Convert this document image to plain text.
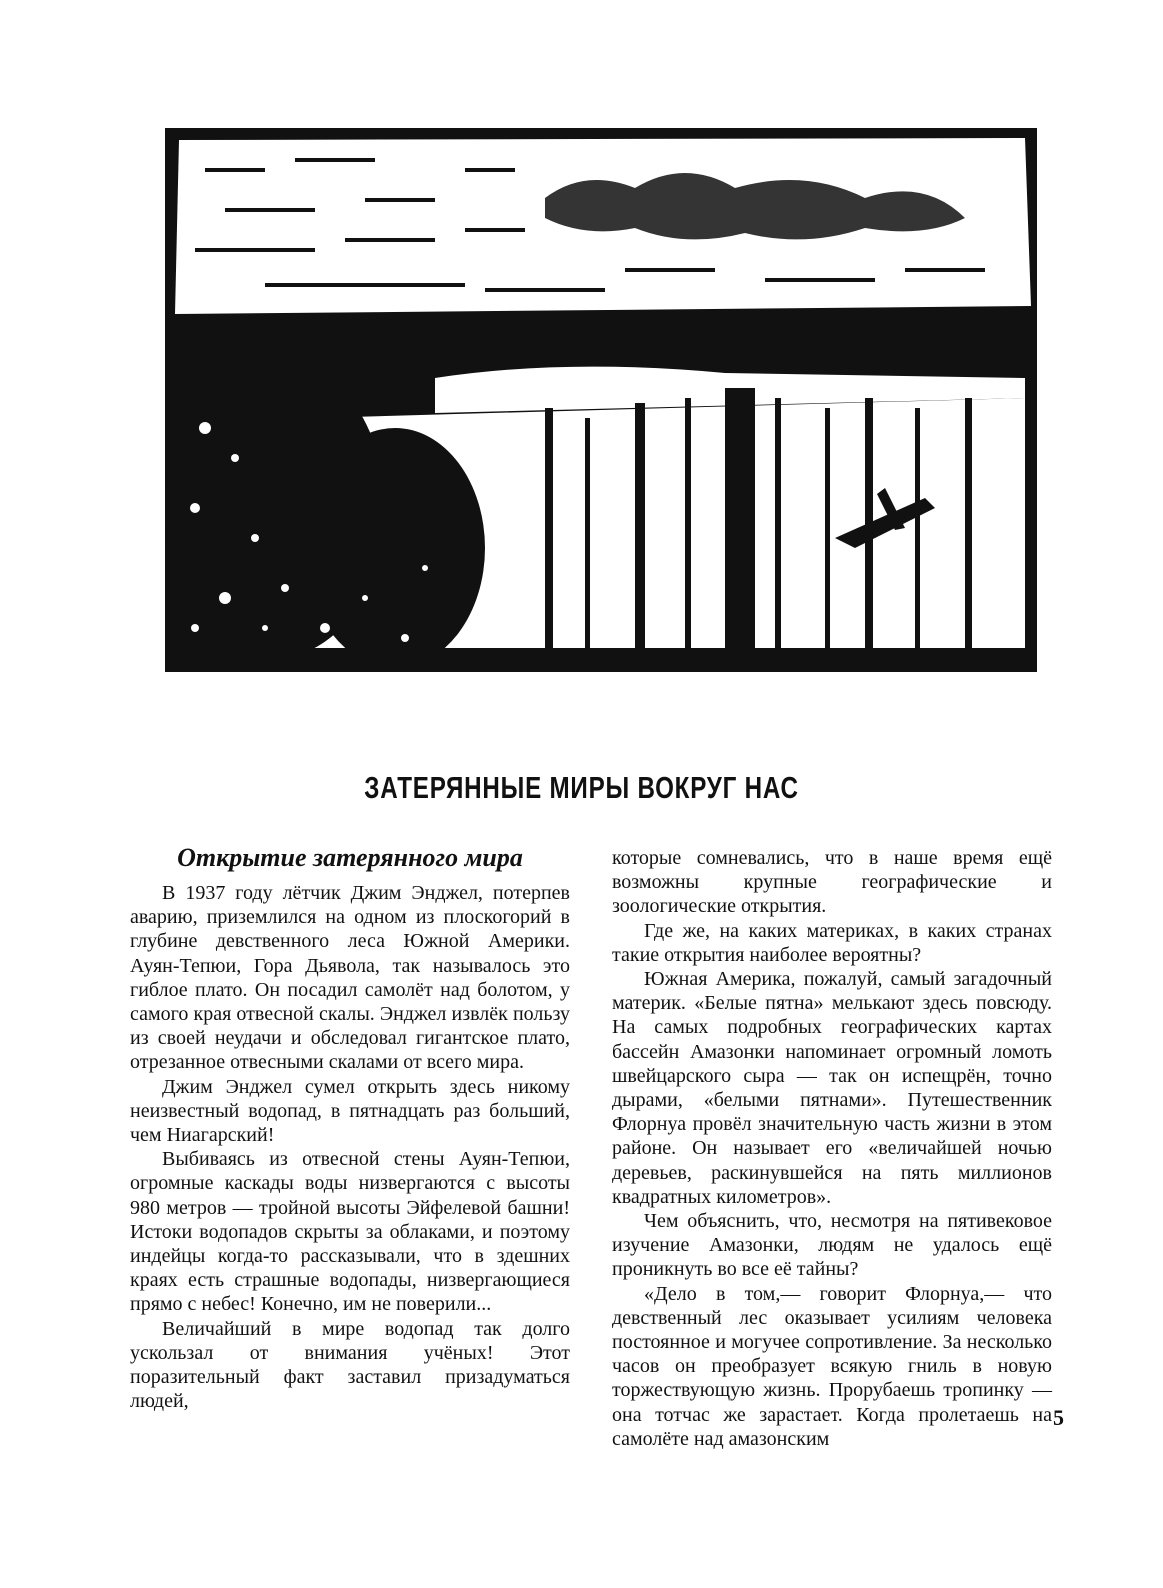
ЗАТЕРЯННЫЕ МИРЫ ВОКРУГ НАС
Открытие затерянного мира

В 1937 году лётчик Джим Энджел, потерпев аварию, приземлился на одном из плоскогорий в глубине девственного леса Южной Америки. Ауян-Тепюи, Гора Дьявола, так называлось это гиблое плато. Он посадил самолёт над болотом, у самого края отвесной скалы. Энджел извлёк пользу из своей неудачи и обследовал гигантское плато, отрезанное отвесными скалами от всего мира.

Джим Энджел сумел открыть здесь никому неизвестный водопад, в пятнадцать раз больший, чем Ниагарский!

Выбиваясь из отвесной стены Ауян-Тепюи, огромные каскады воды низвергаются с высоты 980 метров — тройной высоты Эйфелевой башни! Истоки водопадов скрыты за облаками, и поэтому индейцы когда-то рассказывали, что в здешних краях есть страшные водопады, низвергающиеся прямо с небес! Конечно, им не поверили...

Величайший в мире водопад так долго ускользал от внимания учёных! Этот поразительный факт заставил призадуматься людей,

которые сомневались, что в наше время ещё возможны крупные географические и зоологические открытия.

Где же, на каких материках, в каких странах такие открытия наиболее вероятны?

Южная Америка, пожалуй, самый загадочный материк. «Белые пятна» мелькают здесь повсюду. На самых подробных географических картах бассейн Амазонки напоминает огромный ломоть швейцарского сыра — так он испещрён, точно дырами, «белыми пятнами». Путешественник Флорнуа провёл значительную часть жизни в этом районе. Он называет его «величайшей ночью деревьев, раскинувшейся на пять миллионов квадратных километров».

Чем объяснить, что, несмотря на пятивековое изучение Амазонки, людям не удалось ещё проникнуть во все её тайны?

«Дело в том,— говорит Флорнуа,— что девственный лес оказывает усилиям человека постоянное и могучее сопротивление. За несколько часов он преобразует всякую гниль в новую торжествующую жизнь. Прорубаешь тропинку — она тотчас же зарастает. Когда пролетаешь на самолёте над амазонским

5
